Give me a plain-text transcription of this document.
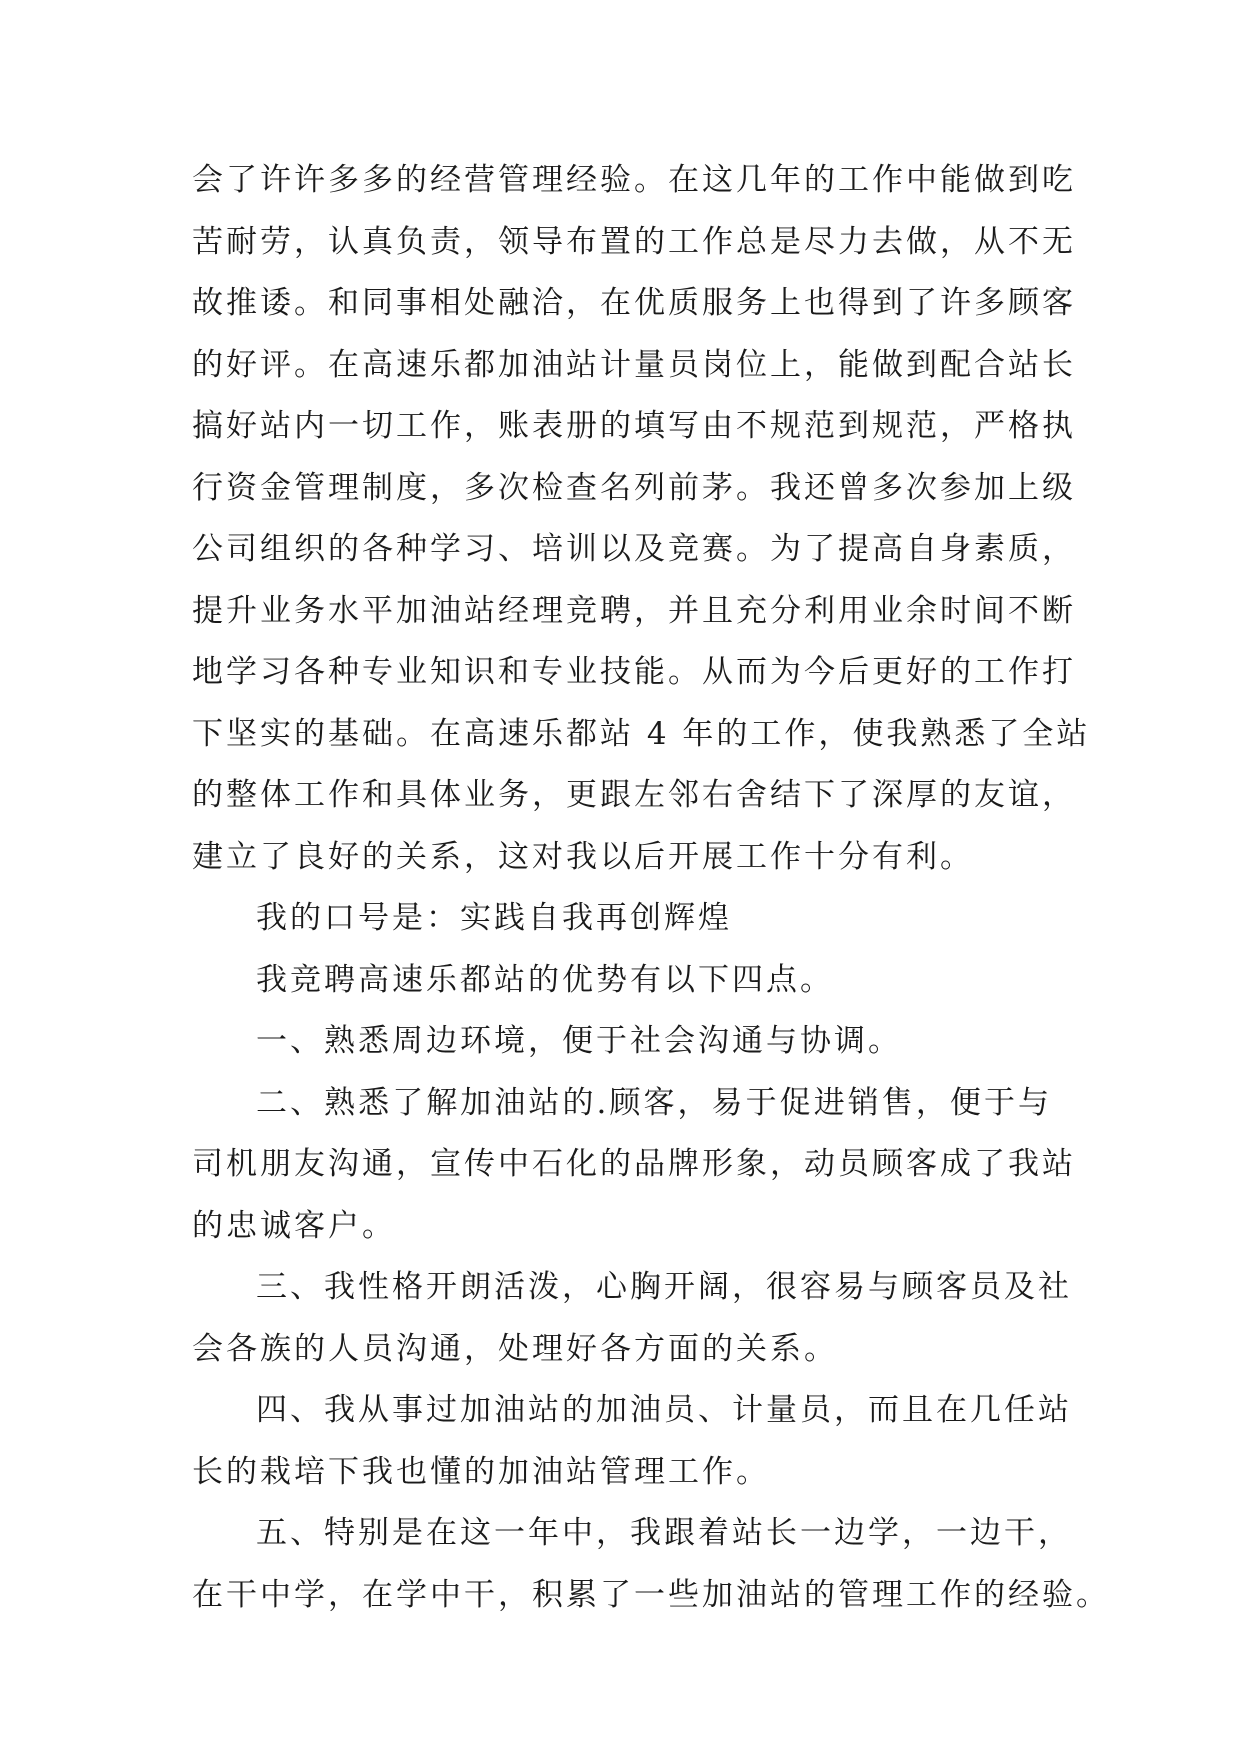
会了许许多多的经营管理经验。在这几年的工作中能做到吃
苦耐劳，认真负责，领导布置的工作总是尽力去做，从不无
故推诿。和同事相处融洽，在优质服务上也得到了许多顾客
的好评。在高速乐都加油站计量员岗位上，能做到配合站长
搞好站内一切工作，账表册的填写由不规范到规范，严格执
行资金管理制度，多次检查名列前茅。我还曾多次参加上级
公司组织的各种学习、培训以及竞赛。为了提高自身素质，
提升业务水平加油站经理竞聘，并且充分利用业余时间不断
地学习各种专业知识和专业技能。从而为今后更好的工作打
下坚实的基础。在高速乐都站 4 年的工作，使我熟悉了全站
的整体工作和具体业务，更跟左邻右舍结下了深厚的友谊，
建立了良好的关系，这对我以后开展工作十分有利。
我的口号是：实践自我再创辉煌
我竞聘高速乐都站的优势有以下四点。
一、熟悉周边环境，便于社会沟通与协调。
二、熟悉了解加油站的.顾客，易于促进销售，便于与
司机朋友沟通，宣传中石化的品牌形象，动员顾客成了我站
的忠诚客户。
三、我性格开朗活泼，心胸开阔，很容易与顾客员及社
会各族的人员沟通，处理好各方面的关系。
四、我从事过加油站的加油员、计量员，而且在几任站
长的栽培下我也懂的加油站管理工作。
五、特别是在这一年中，我跟着站长一边学，一边干，
在干中学，在学中干，积累了一些加油站的管理工作的经验。
